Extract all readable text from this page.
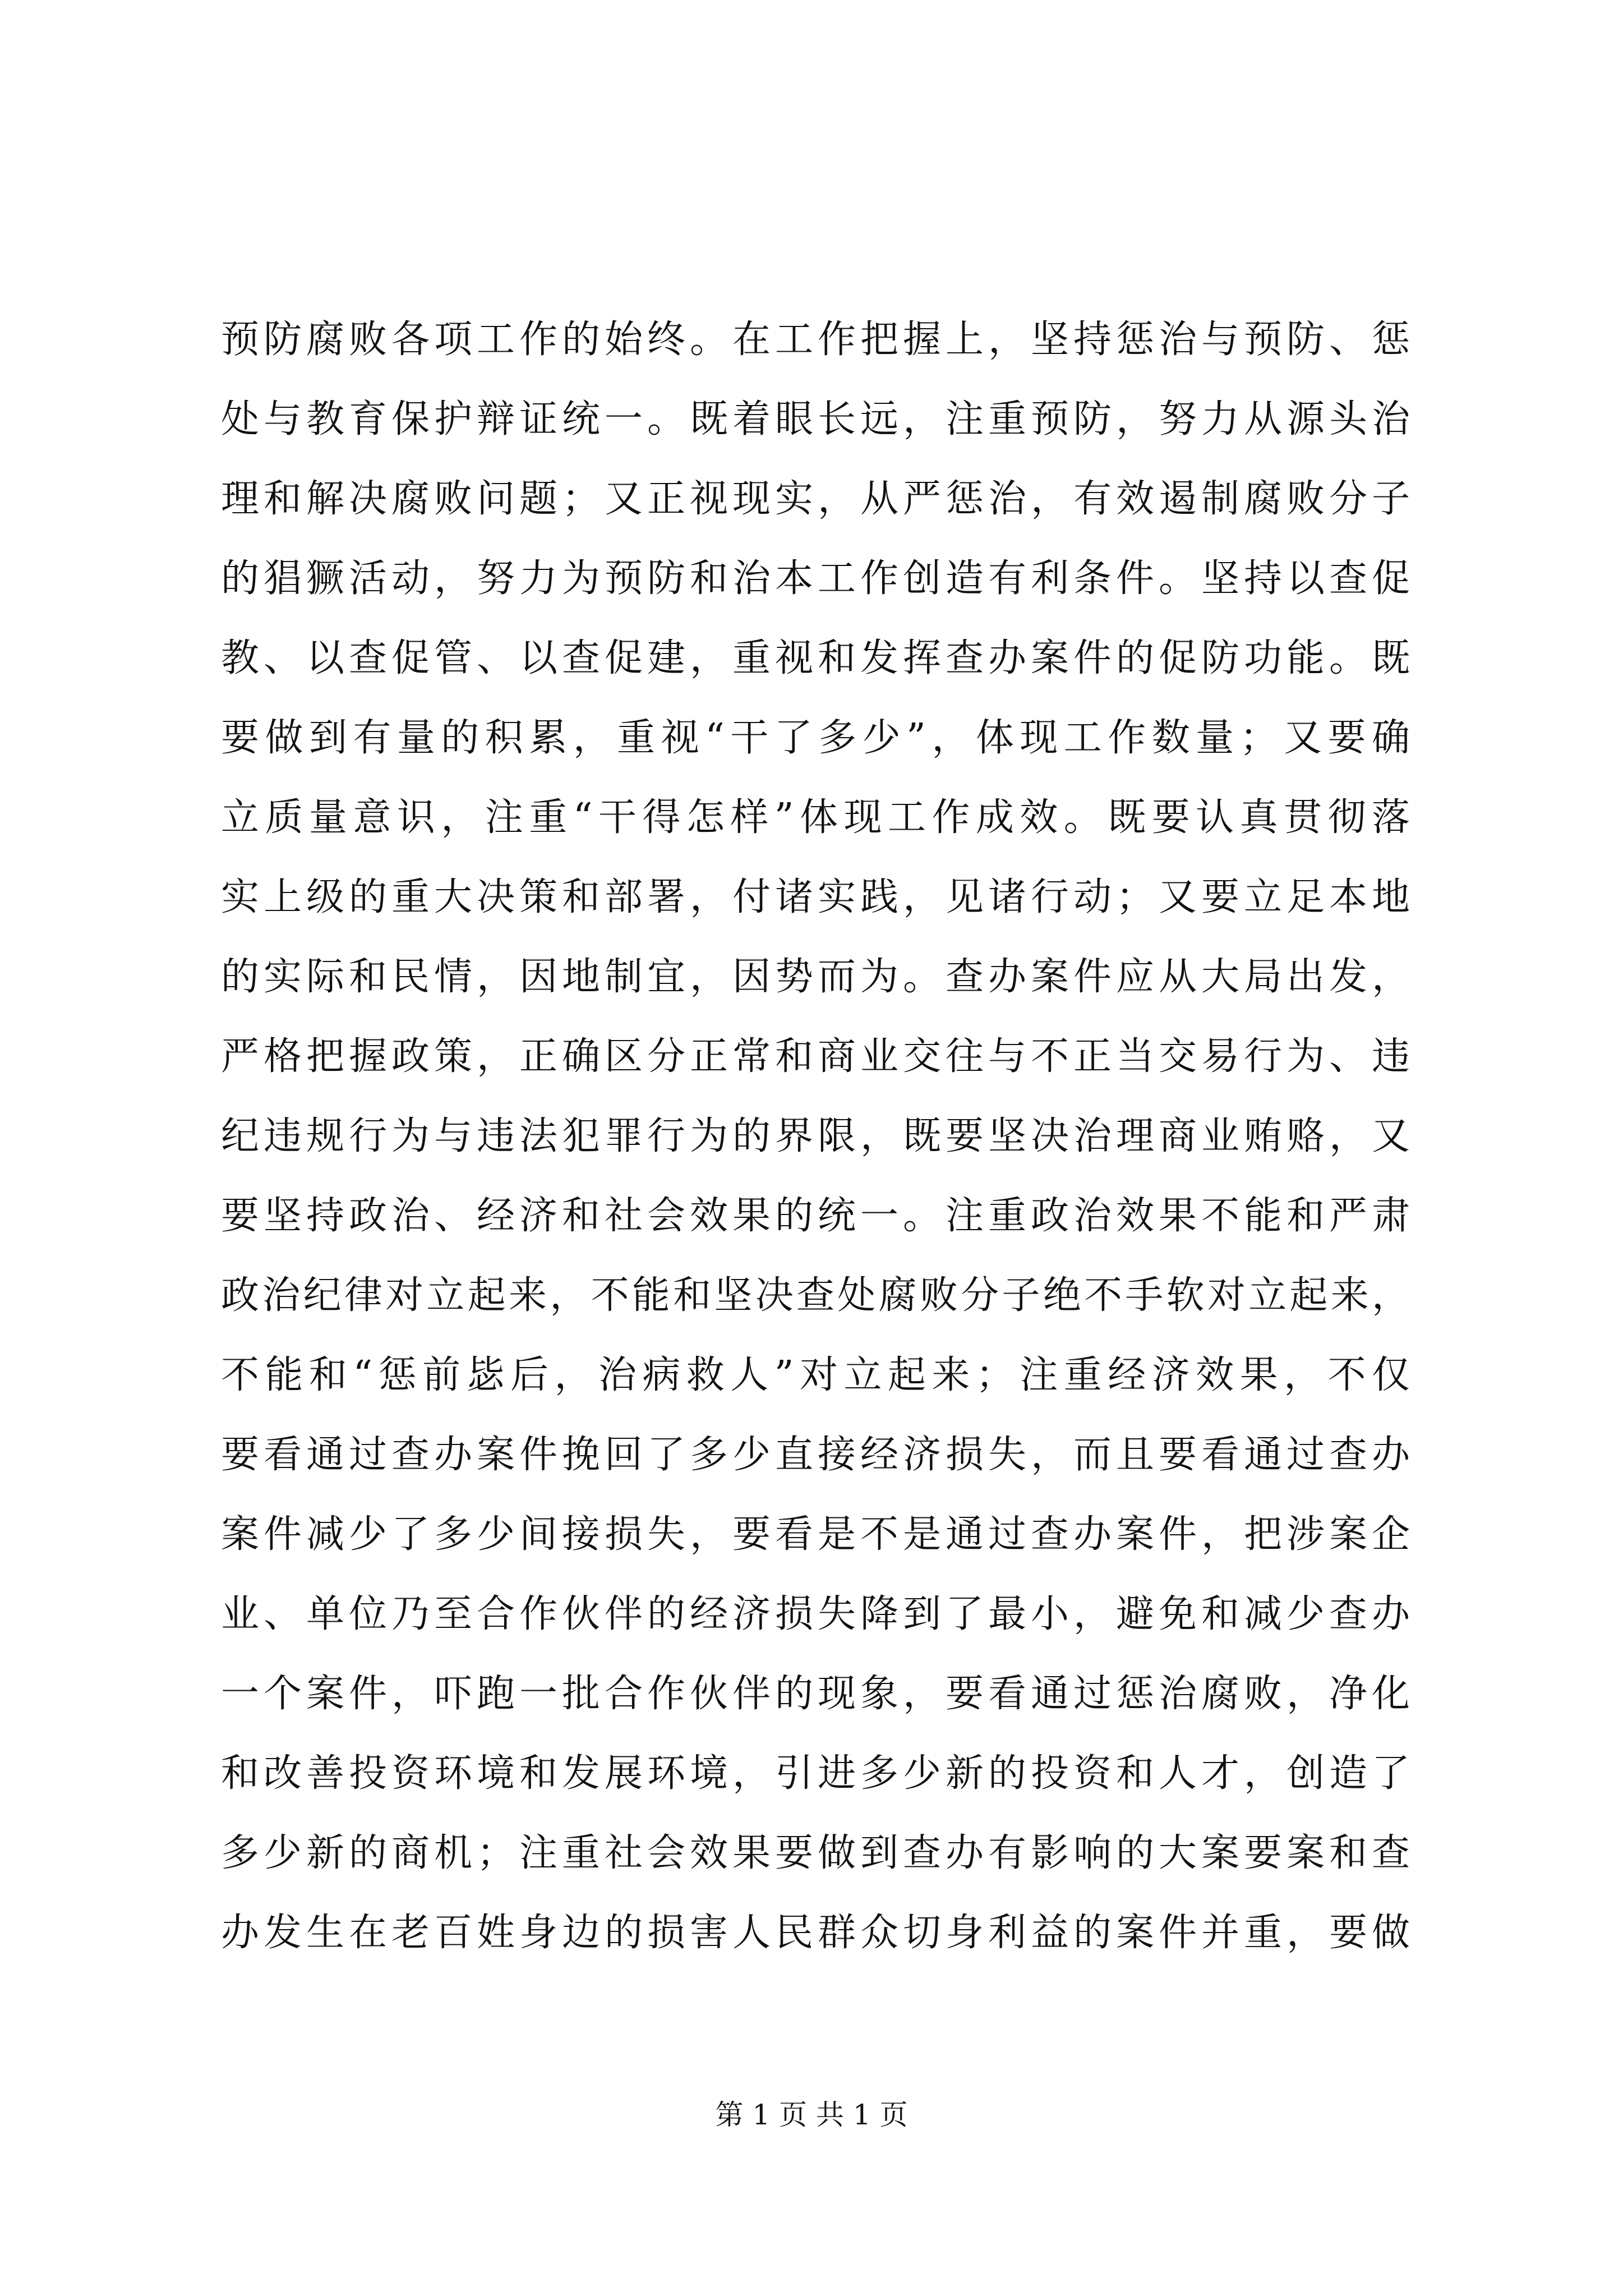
预防腐败各项工作的始终。在工作把握上，坚持惩治与预防、惩
处与教育保护辩证统一。既着眼长远，注重预防，努力从源头治
理和解决腐败问题；又正视现实，从严惩治，有效遏制腐败分子
的猖獗活动，努力为预防和治本工作创造有利条件。坚持以查促
教、以查促管、以查促建，重视和发挥查办案件的促防功能。既
要做到有量的积累，重视“干了多少”，体现工作数量；又要确
立质量意识，注重“干得怎样”体现工作成效。既要认真贯彻落
实上级的重大决策和部署，付诸实践，见诸行动；又要立足本地
的实际和民情，因地制宜，因势而为。查办案件应从大局出发，
严格把握政策，正确区分正常和商业交往与不正当交易行为、违
纪违规行为与违法犯罪行为的界限，既要坚决治理商业贿赂，又
要坚持政治、经济和社会效果的统一。注重政治效果不能和严肃
政治纪律对立起来，不能和坚决查处腐败分子绝不手软对立起来，
不能和“惩前毖后，治病救人”对立起来；注重经济效果，不仅
要看通过查办案件挽回了多少直接经济损失，而且要看通过查办
案件减少了多少间接损失，要看是不是通过查办案件，把涉案企
业、单位乃至合作伙伴的经济损失降到了最小，避免和减少查办
一个案件，吓跑一批合作伙伴的现象，要看通过惩治腐败，净化
和改善投资环境和发展环境，引进多少新的投资和人才，创造了
多少新的商机；注重社会效果要做到查办有影响的大案要案和查
办发生在老百姓身边的损害人民群众切身利益的案件并重，要做
第 1 页 共 1 页
